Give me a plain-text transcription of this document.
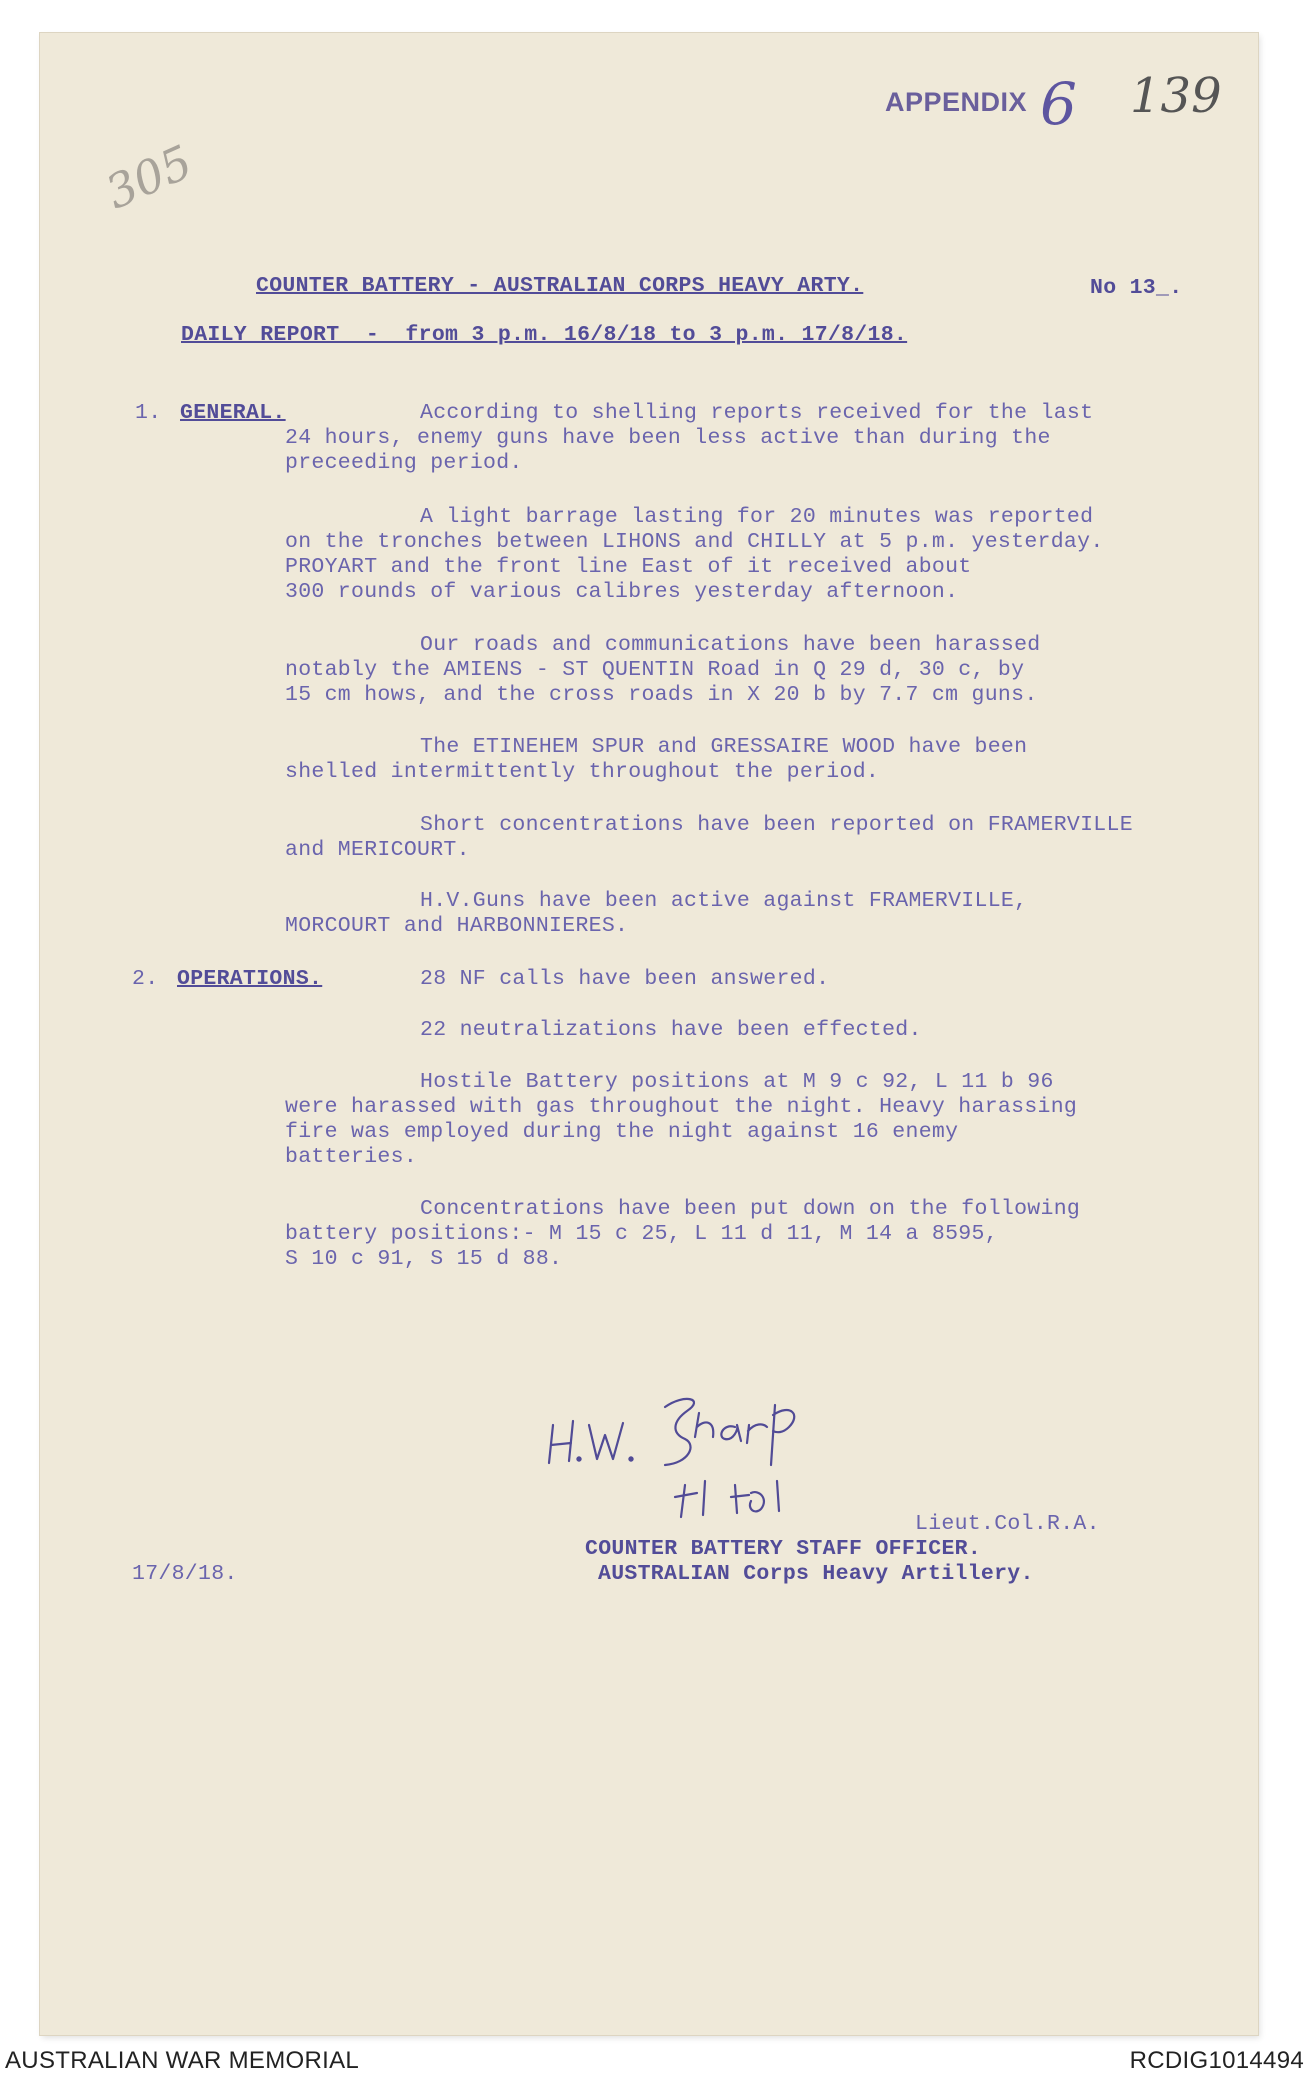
APPENDIX 6 139
305
COUNTER BATTERY - AUSTRALIAN CORPS HEAVY ARTY.	No 13_.
DAILY REPORT  -  from 3 p.m. 16/8/18 to 3 p.m. 17/8/18.
1. GENERAL.	According to shelling reports received for the last
24 hours, enemy guns have been less active than during the
preceeding period.
A light barrage lasting for 20 minutes was reported
on the tronches between LIHONS and CHILLY at 5 p.m. yesterday.
PROYART and the front line East of it received about
300 rounds of various calibres yesterday afternoon.
Our roads and communications have been harassed
notably the AMIENS - ST QUENTIN Road in Q 29 d, 30 c, by
15 cm hows, and the cross roads in X 20 b by 7.7 cm guns.
The ETINEHEM SPUR and GRESSAIRE WOOD have been
shelled intermittently throughout the period.
Short concentrations have been reported on FRAMERVILLE
and MERICOURT.
H.V.Guns have been active against FRAMERVILLE,
MORCOURT and HARBONNIERES.
2. OPERATIONS.	28 NF calls have been answered.
22 neutralizations have been effected.
Hostile Battery positions at M 9 c 92, L 11 b 96
were harassed with gas throughout the night. Heavy harassing
fire was employed during the night against 16 enemy
batteries.
Concentrations have been put down on the following
battery positions:- M 15 c 25, L 11 d 11, M 14 a 8595,
S 10 c 91, S 15 d 88.
Lieut.Col.R.A.
COUNTER BATTERY STAFF OFFICER.
AUSTRALIAN Corps Heavy Artillery.
17/8/18.
AUSTRALIAN WAR MEMORIAL	RCDIG1014494
